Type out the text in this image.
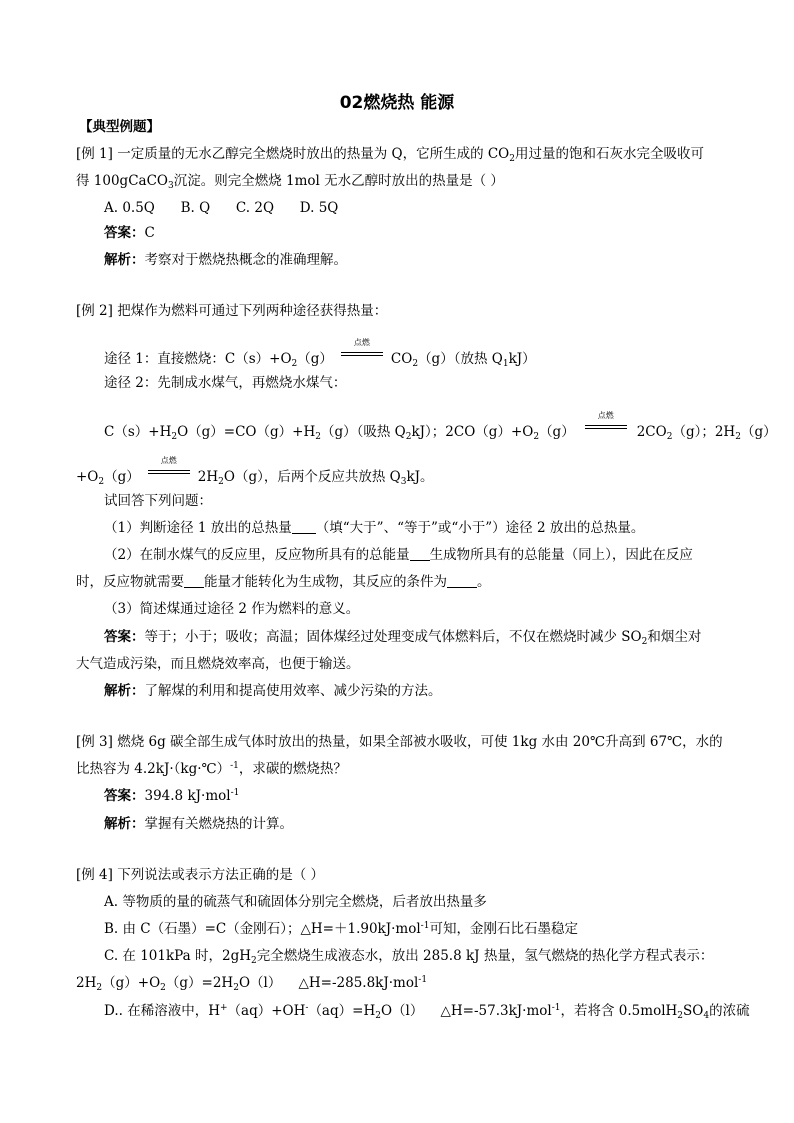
02燃烧热 能源
【典型例题】
[例 1] 一定质量的无水乙醇完全燃烧时放出的热量为 Q，它所生成的 $CO_2$用过量的饱和石灰水完全吸收可
得 100gCaCO$_3$沉淀。则完全燃烧 1mol 无水乙醇时放出的热量是（ ）
A. 0.5Q      B. Q      C. 2Q      D. 5Q
答案：C
解析：考察对于燃烧热概念的准确理解。
[例 2] 把煤作为燃料可通过下列两种途径获得热量：
途径 1：直接燃烧：$C(s)+O_2(g)$
点燃
$CO_2(g)$（放热 $Q_1kJ$）
途径 2：先制成水煤气，再燃烧水煤气：
$C(s)+H_2O(g)=CO(g)+H_2(g)$（吸热 $Q_2kJ$）；$2CO(g)+O_2(g)$
点燃
$2CO_2(g)$；$2H_2(g)$
$+O_2(g)$
点燃
$2H_2O(g)$，后两个反应共放热 $Q_3kJ$。
试回答下列问题：
（1）判断途径 1 放出的总热量 （填“大于”、“等于”或“小于”）途径 2 放出的总热量。
（2）在制水煤气的反应里，反应物所具有的总能量 生成物所具有的总能量（同上），因此在反应
时，反应物就需要 能量才能转化为生成物，其反应的条件为 。
（3）简述煤通过途径 2 作为燃料的意义。
答案：等于；小于；吸收；高温；固体煤经过处理变成气体燃料后，不仅在燃烧时减少 $SO_2$和烟尘对
大气造成污染，而且燃烧效率高，也便于输送。
解析：了解煤的利用和提高使用效率、减少污染的方法。
[例 3] 燃烧 6g 碳全部生成气体时放出的热量，如果全部被水吸收，可使 1kg 水由 20℃升高到 67℃，水的
比热容为 4.2kJ·（kg·℃）$^{-1}$，求碳的燃烧热？
答案：394.8 kJ·mol$^{-1}$
解析：掌握有关燃烧热的计算。
[例 4] 下列说法或表示方法正确的是（ ）
A. 等物质的量的硫蒸气和硫固体分别完全燃烧，后者放出热量多
B. 由 C（石墨）=C（金刚石）；△H=＋1.90kJ·mol$^{-1}$可知，金刚石比石墨稳定
C. 在 101kPa 时，$2gH_2$完全燃烧生成液态水，放出 285.8 kJ 热量，氢气燃烧的热化学方程式表示：
$2H_2(g)+O_2(g)=2H_2O(l)$    △H=-285.8kJ·mol$^{-1}$
D.. 在稀溶液中，$H^+(aq)+OH^-(aq)=H_2O(l)$    △H=-57.3kJ·mol$^{-1}$，若将含 $0.5molH_2SO_4$的浓硫
